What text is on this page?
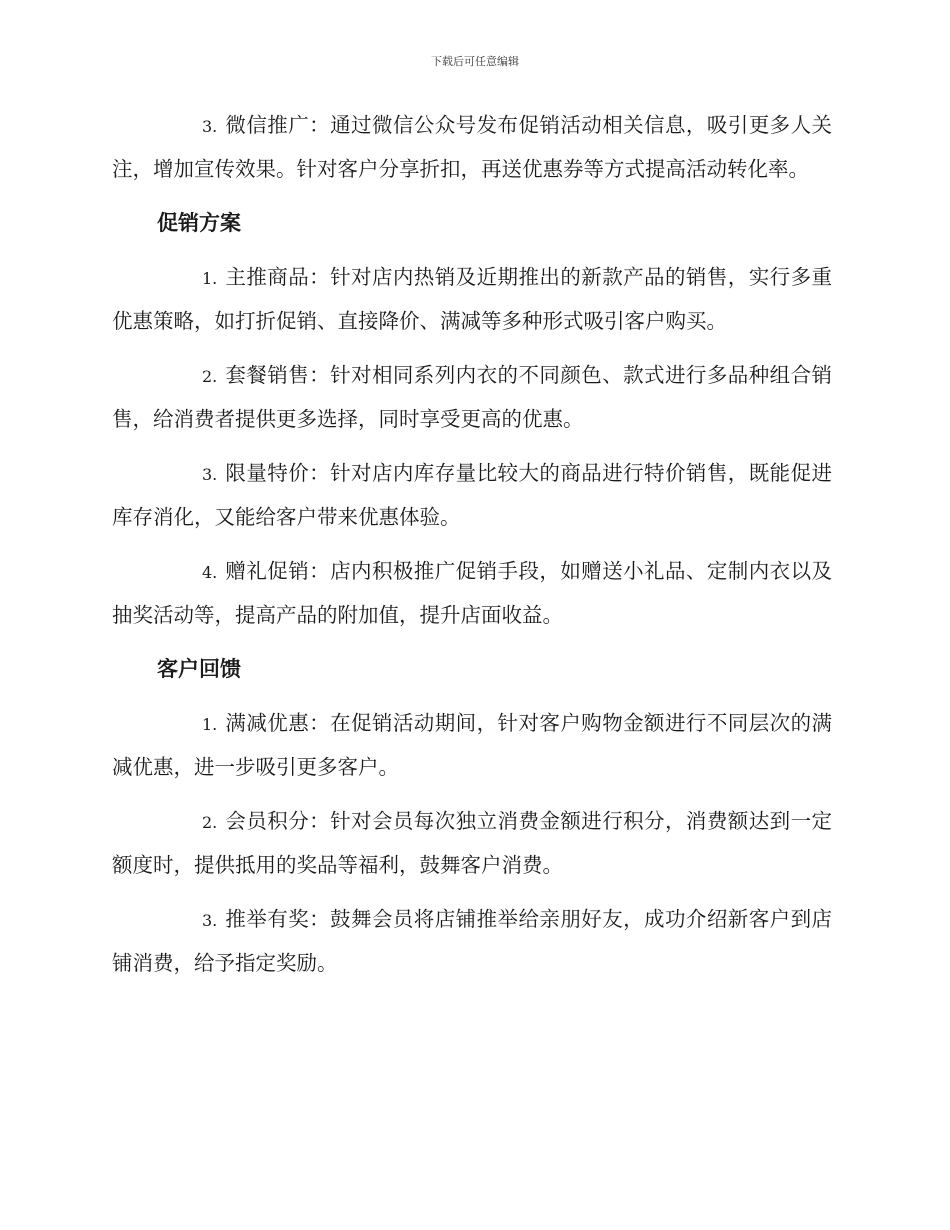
下载后可任意编辑

3. 微信推广：通过微信公众号发布促销活动相关信息，吸引更多人关注，增加宣传效果。针对客户分享折扣，再送优惠券等方式提高活动转化率。

促销方案

1. 主推商品：针对店内热销及近期推出的新款产品的销售，实行多重优惠策略，如打折促销、直接降价、满减等多种形式吸引客户购买。

2. 套餐销售：针对相同系列内衣的不同颜色、款式进行多品种组合销售，给消费者提供更多选择，同时享受更高的优惠。

3. 限量特价：针对店内库存量比较大的商品进行特价销售，既能促进库存消化，又能给客户带来优惠体验。

4. 赠礼促销：店内积极推广促销手段，如赠送小礼品、定制内衣以及抽奖活动等，提高产品的附加值，提升店面收益。

客户回馈

1. 满减优惠：在促销活动期间，针对客户购物金额进行不同层次的满减优惠，进一步吸引更多客户。

2. 会员积分：针对会员每次独立消费金额进行积分，消费额达到一定额度时，提供抵用的奖品等福利，鼓舞客户消费。

3. 推举有奖：鼓舞会员将店铺推举给亲朋好友，成功介绍新客户到店铺消费，给予指定奖励。
